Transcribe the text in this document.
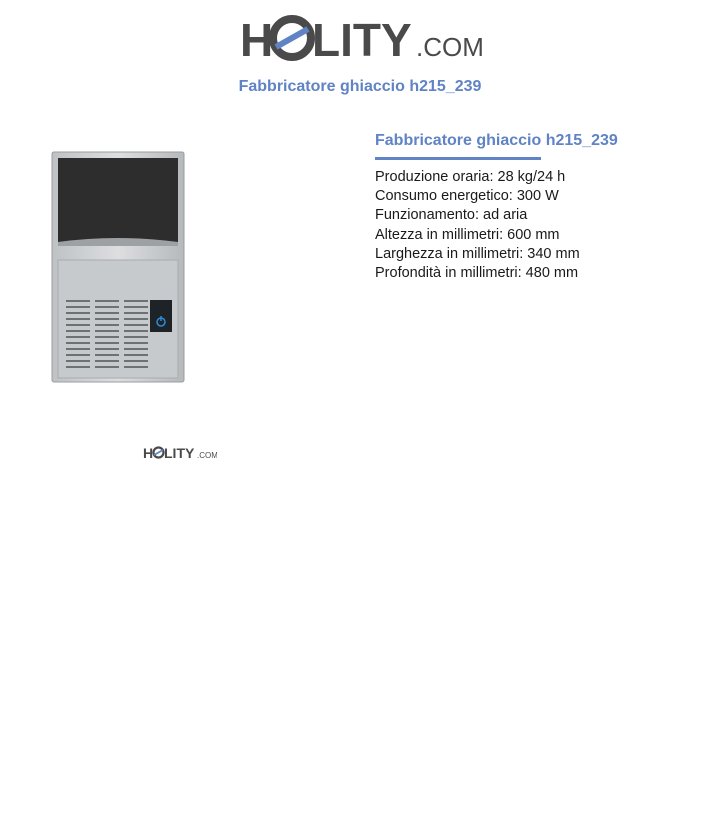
H LITY .COM
Fabbricatore ghiaccio h215_239
H LITY .COM
Fabbricatore ghiaccio h215_239
Produzione oraria: 28 kg/24 h
Consumo energetico: 300 W
Funzionamento: ad aria
Altezza in millimetri: 600 mm
Larghezza in millimetri: 340 mm
Profondità in millimetri: 480 mm
